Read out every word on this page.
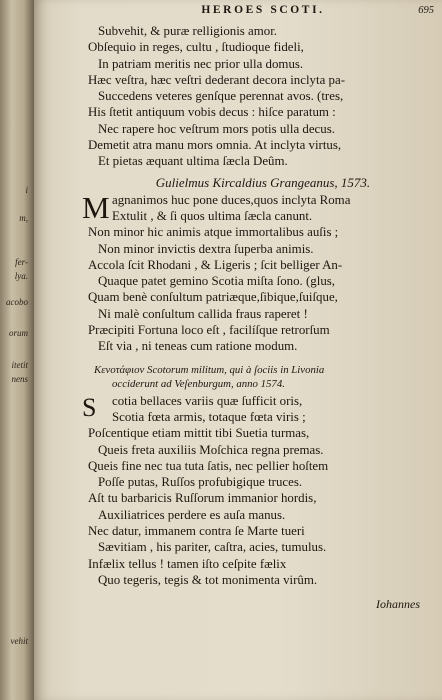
i
m,
fer-
lya.
acobo
orum
itetit
nens
vehit
HEROES SCOTI.	695
Subvehit, & puræ relligionis amor.
Obſequio in reges, cultu , ſtudioque fideli,
In patriam meritis nec prior ulla domus.
Hæc veſtra, hæc veſtri dederant decora inclyta pa-
Succedens veteres genſque perennat avos. (tres,
His ſtetit antiquum vobis decus : hiſce paratum :
Nec rapere hoc veſtrum mors potis ulla decus.
Demetit atra manu mors omnia. At inclyta virtus,
Et pietas æquant ultima ſæcla Deûm.
Gulielmus Kircaldius Grangeanus, 1573.
M agnanimos huc pone duces,quos inclyta Roma
Extulit , & ſi quos ultima ſæcla canunt.
Non minor hic animis atque immortalibus auſis ;
Non minor invictis dextra ſuperba animis.
Accola ſcit Rhodani , & Ligeris ; ſcit belliger An-
Quaque patet gemino Scotia miſta ſono. (glus,
Quam benè conſultum patriæque,ſibique,ſuiſque,
Ni malè conſultum callida fraus raperet !
Præcipiti Fortuna loco eſt , facilíſque retrorſum
Eſt via , ni teneas cum ratione modum.
Κενοτάφιον Scotorum militum, qui à ſociis in Livonia
occiderunt ad Veſenburgum, anno 1574.
S	cotia bellaces variis quæ ſufficit oris,
Scotia fœta armis, totaque fœta viris ;
Poſcentique etiam mittit tibi Suetia turmas,
Queis freta auxiliis Moſchica regna premas.
Queis fine nec tua tuta ſatis, nec pellier hoſtem
Poſſe putas, Ruſſos profubigique truces.
Aſt tu barbaricis Ruſſorum immanior hordis,
Auxiliatrices perdere es auſa manus.
Nec datur, immanem contra ſe Marte tueri
Sævitiam , his pariter, caſtra, acies, tumulus.
Infælix tellus ! tamen iſto ceſpite fælix
Quo tegeris, tegis & tot monimenta virûm.
Iohannes
